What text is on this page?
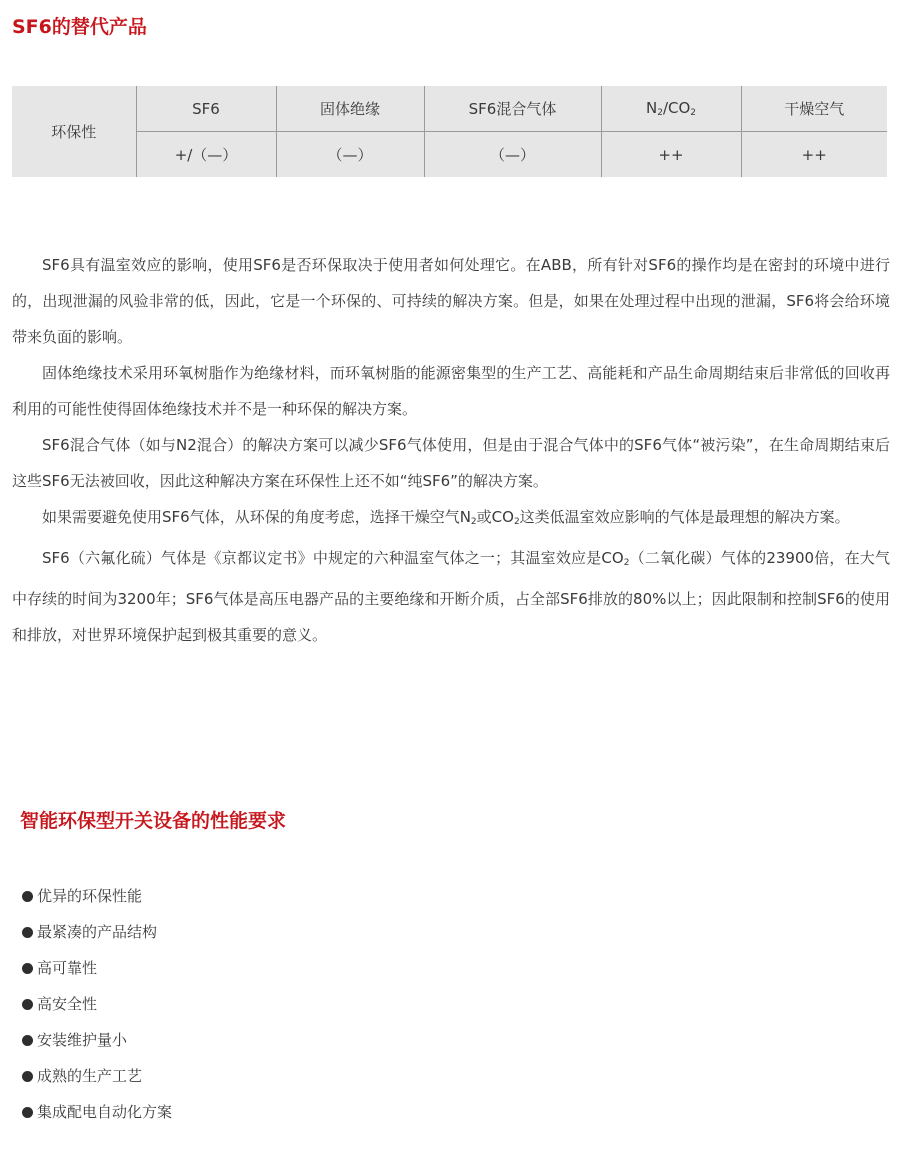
SF6的替代产品
环保性	SF6	固体绝缘	SF6混合气体	$N_2/CO_2$	干燥空气
	+/（—）	（—）	（—）	++	++

SF6具有温室效应的影响，使用SF6是否环保取决于使用者如何处理它。在ABB，所有针对SF6的操作均是在密封的环境中进行的，出现泄漏的风验非常的低，因此，它是一个环保的、可持续的解决方案。但是，如果在处理过程中出现的泄漏，SF6将会给环境带来负面的影响。

固体绝缘技术采用环氧树脂作为绝缘材料，而环氧树脂的能源密集型的生产工艺、高能耗和产品生命周期结束后非常低的回收再利用的可能性使得固体绝缘技术并不是一种环保的解决方案。

SF6混合气体（如与N2混合）的解决方案可以减少SF6气体使用，但是由于混合气体中的SF6气体“被污染”，在生命周期结束后这些SF6无法被回收，因此这种解决方案在环保性上还不如“纯SF6”的解决方案。

如果需要避免使用SF6气体，从环保的角度考虑，选择干燥空气$N_2$或$CO_2$这类低温室效应影响的气体是最理想的解决方案。

SF6（六氟化硫）气体是《京都议定书》中规定的六种温室气体之一；其温室效应是$CO_2$（二氧化碳）气体的23900倍，在大气中存续的时间为3200年；SF6气体是高压电器产品的主要绝缘和开断介质，占全部SF6排放的80%以上；因此限制和控制SF6的使用和排放，对世界环境保护起到极其重要的意义。

智能环保型开关设备的性能要求
优异的环保性能
最紧凑的产品结构
高可靠性
高安全性
安装维护量小
成熟的生产工艺
集成配电自动化方案
